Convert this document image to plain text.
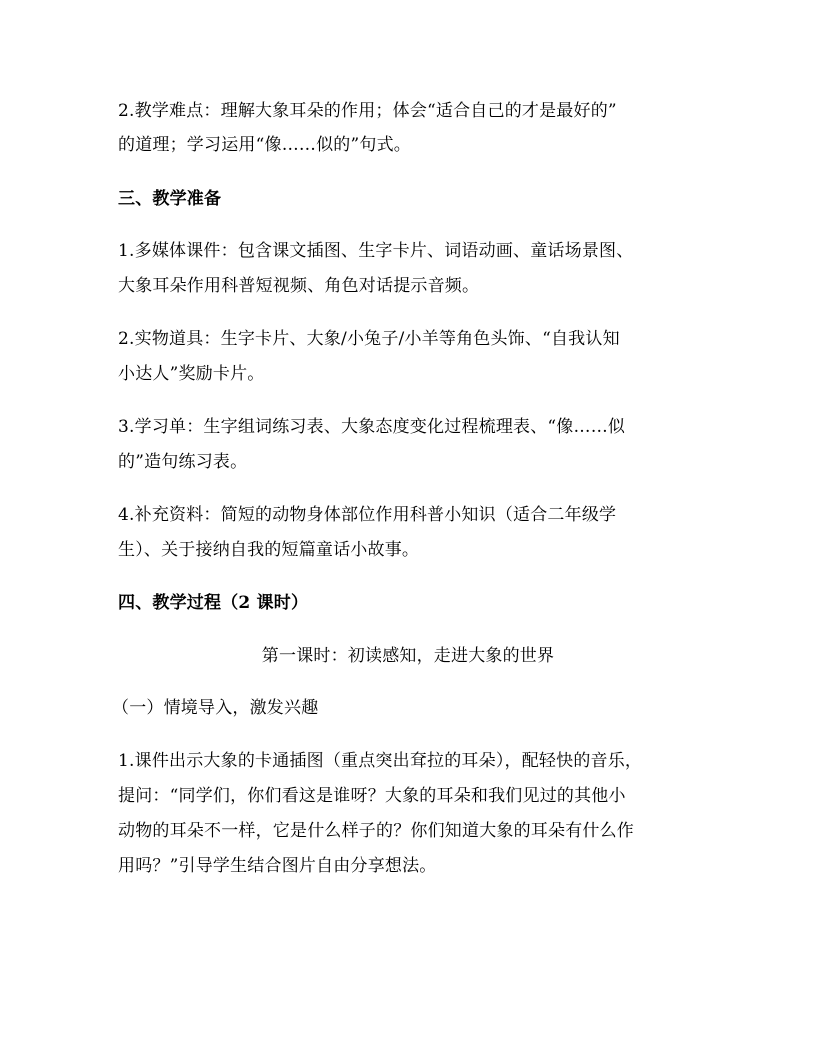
2.教学难点：理解大象耳朵的作用；体会“适合自己的才是最好的”
的道理；学习运用“像……似的”句式。
三、教学准备
1.多媒体课件：包含课文插图、生字卡片、词语动画、童话场景图、
大象耳朵作用科普短视频、角色对话提示音频。
2.实物道具：生字卡片、大象/小兔子/小羊等角色头饰、“自我认知
小达人”奖励卡片。
3.学习单：生字组词练习表、大象态度变化过程梳理表、“像……似
的”造句练习表。
4.补充资料：简短的动物身体部位作用科普小知识（适合二年级学
生）、关于接纳自我的短篇童话小故事。
四、教学过程（2 课时）
第一课时：初读感知，走进大象的世界
（一）情境导入，激发兴趣
1.课件出示大象的卡通插图（重点突出耷拉的耳朵），配轻快的音乐，
提问：“同学们，你们看这是谁呀？大象的耳朵和我们见过的其他小
动物的耳朵不一样，它是什么样子的？你们知道大象的耳朵有什么作
用吗？”引导学生结合图片自由分享想法。
